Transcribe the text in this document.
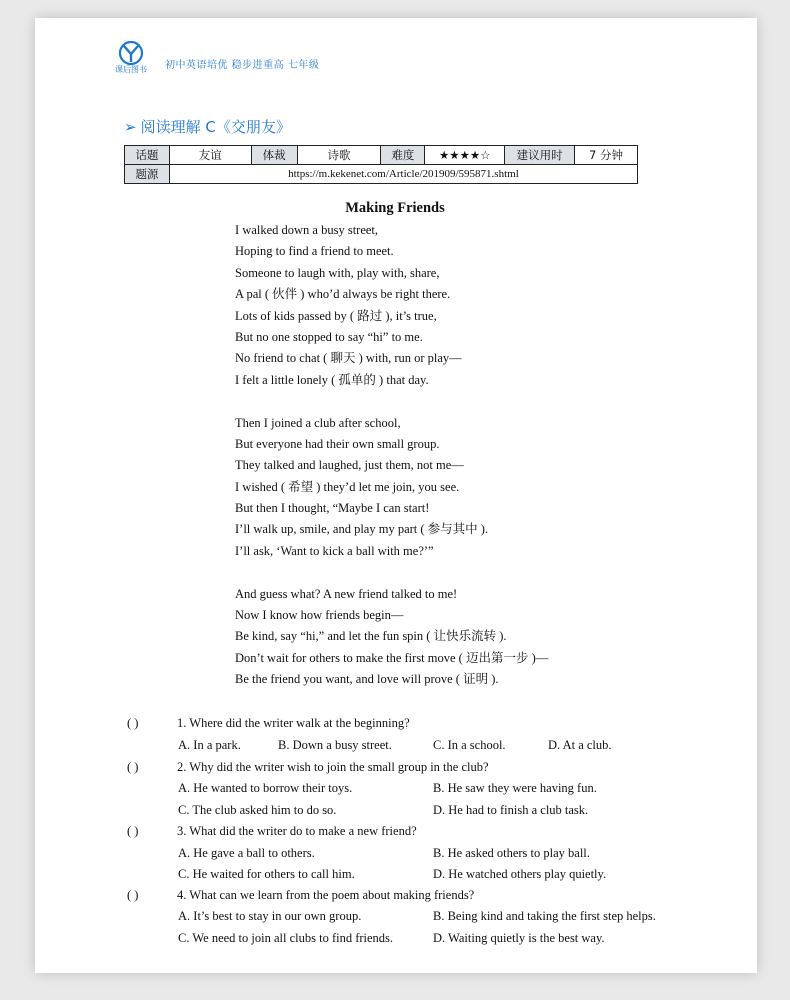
课后图书	初中英语培优 稳步进重高 七年级
➢ 阅读理解 C《交朋友》
话题	友谊	体裁	诗歌	难度	★★★★☆	建议用时	7 分钟
题源	https://m.kekenet.com/Article/201909/595871.shtml						
Making Friends
I walked down a busy street,
Hoping to find a friend to meet.
Someone to laugh with, play with, share,
A pal ( 伙伴 ) who’d always be right there.
Lots of kids passed by ( 路过 ), it’s true,
But no one stopped to say “hi” to me.
No friend to chat ( 聊天 ) with, run or play—
I felt a little lonely ( 孤单的 ) that day.
Then I joined a club after school,
But everyone had their own small group.
They talked and laughed, just them, not me—
I wished ( 希望 ) they’d let me join, you see.
But then I thought, “Maybe I can start!
I’ll walk up, smile, and play my part ( 参与其中 ).
I’ll ask, ‘Want to kick a ball with me?’”
And guess what? A new friend talked to me!
Now I know how friends begin—
Be kind, say “hi,” and let the fun spin ( 让快乐流转 ).
Don’t wait for others to make the first move ( 迈出第一步 )—
Be the friend you want, and love will prove ( 证明 ).
( )	1. Where did the writer walk at the beginning?
A. In a park.	B. Down a busy street.	C. In a school.	D. At a club.
( )	2. Why did the writer wish to join the small group in the club?
A. He wanted to borrow their toys.	B. He saw they were having fun.
C. The club asked him to do so.	D. He had to finish a club task.
( )	3. What did the writer do to make a new friend?
A. He gave a ball to others.	B. He asked others to play ball.
C. He waited for others to call him.	D. He watched others play quietly.
( )	4. What can we learn from the poem about making friends?
A. It’s best to stay in our own group.	B. Being kind and taking the first step helps.
C. We need to join all clubs to find friends.	D. Waiting quietly is the best way.
